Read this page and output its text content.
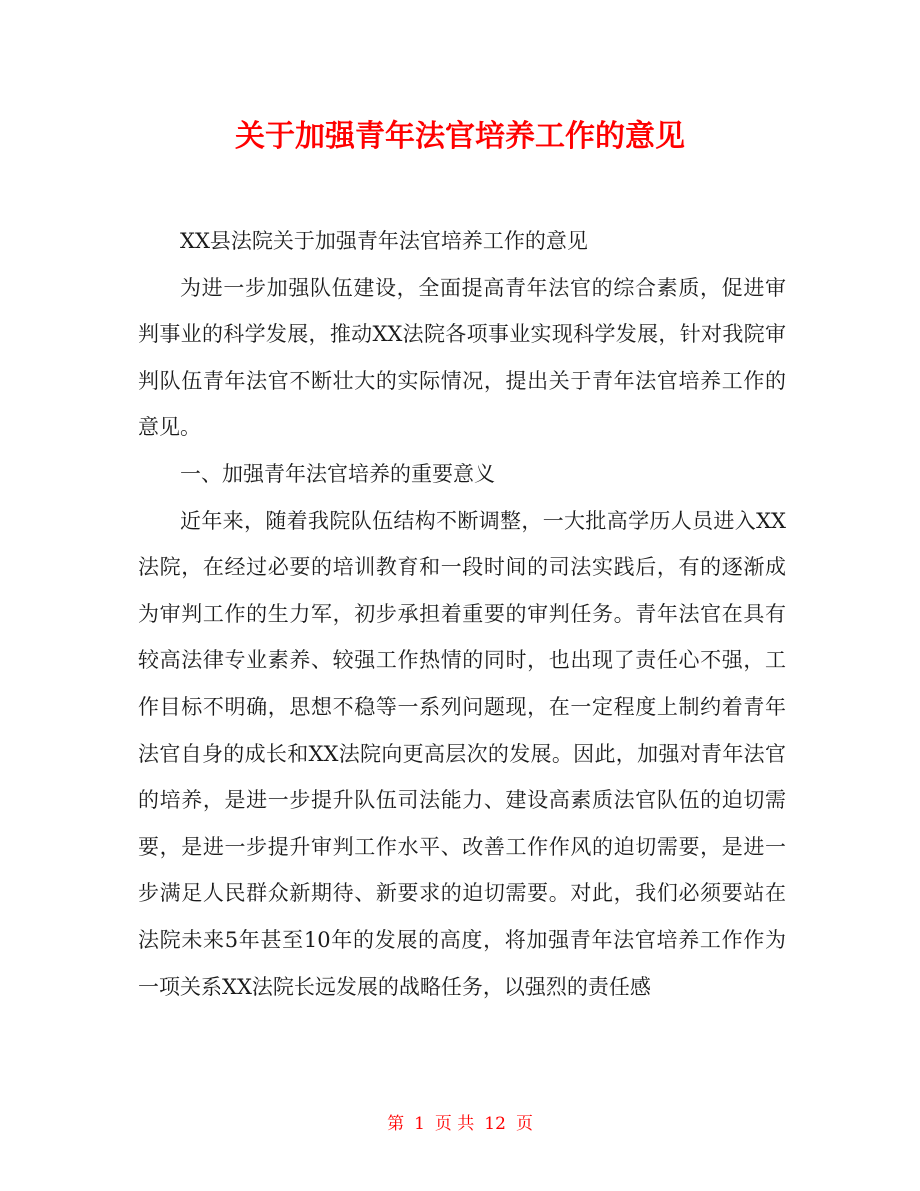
关于加强青年法官培养工作的意见

XX县法院关于加强青年法官培养工作的意见

为进一步加强队伍建设，全面提高青年法官的综合素质，促进审判事业的科学发展，推动XX法院各项事业实现科学发展，针对我院审判队伍青年法官不断壮大的实际情况，提出关于青年法官培养工作的意见。

一、加强青年法官培养的重要意义

近年来，随着我院队伍结构不断调整，一大批高学历人员进入XX法院，在经过必要的培训教育和一段时间的司法实践后，有的逐渐成为审判工作的生力军，初步承担着重要的审判任务。青年法官在具有较高法律专业素养、较强工作热情的同时，也出现了责任心不强，工作目标不明确，思想不稳等一系列问题现，在一定程度上制约着青年法官自身的成长和XX法院向更高层次的发展。因此，加强对青年法官的培养，是进一步提升队伍司法能力、建设高素质法官队伍的迫切需要，是进一步提升审判工作水平、改善工作作风的迫切需要，是进一步满足人民群众新期待、新要求的迫切需要。对此，我们必须要站在法院未来5年甚至10年的发展的高度，将加强青年法官培养工作作为一项关系XX法院长远发展的战略任务，以强烈的责任感

第 1 页 共 12 页
